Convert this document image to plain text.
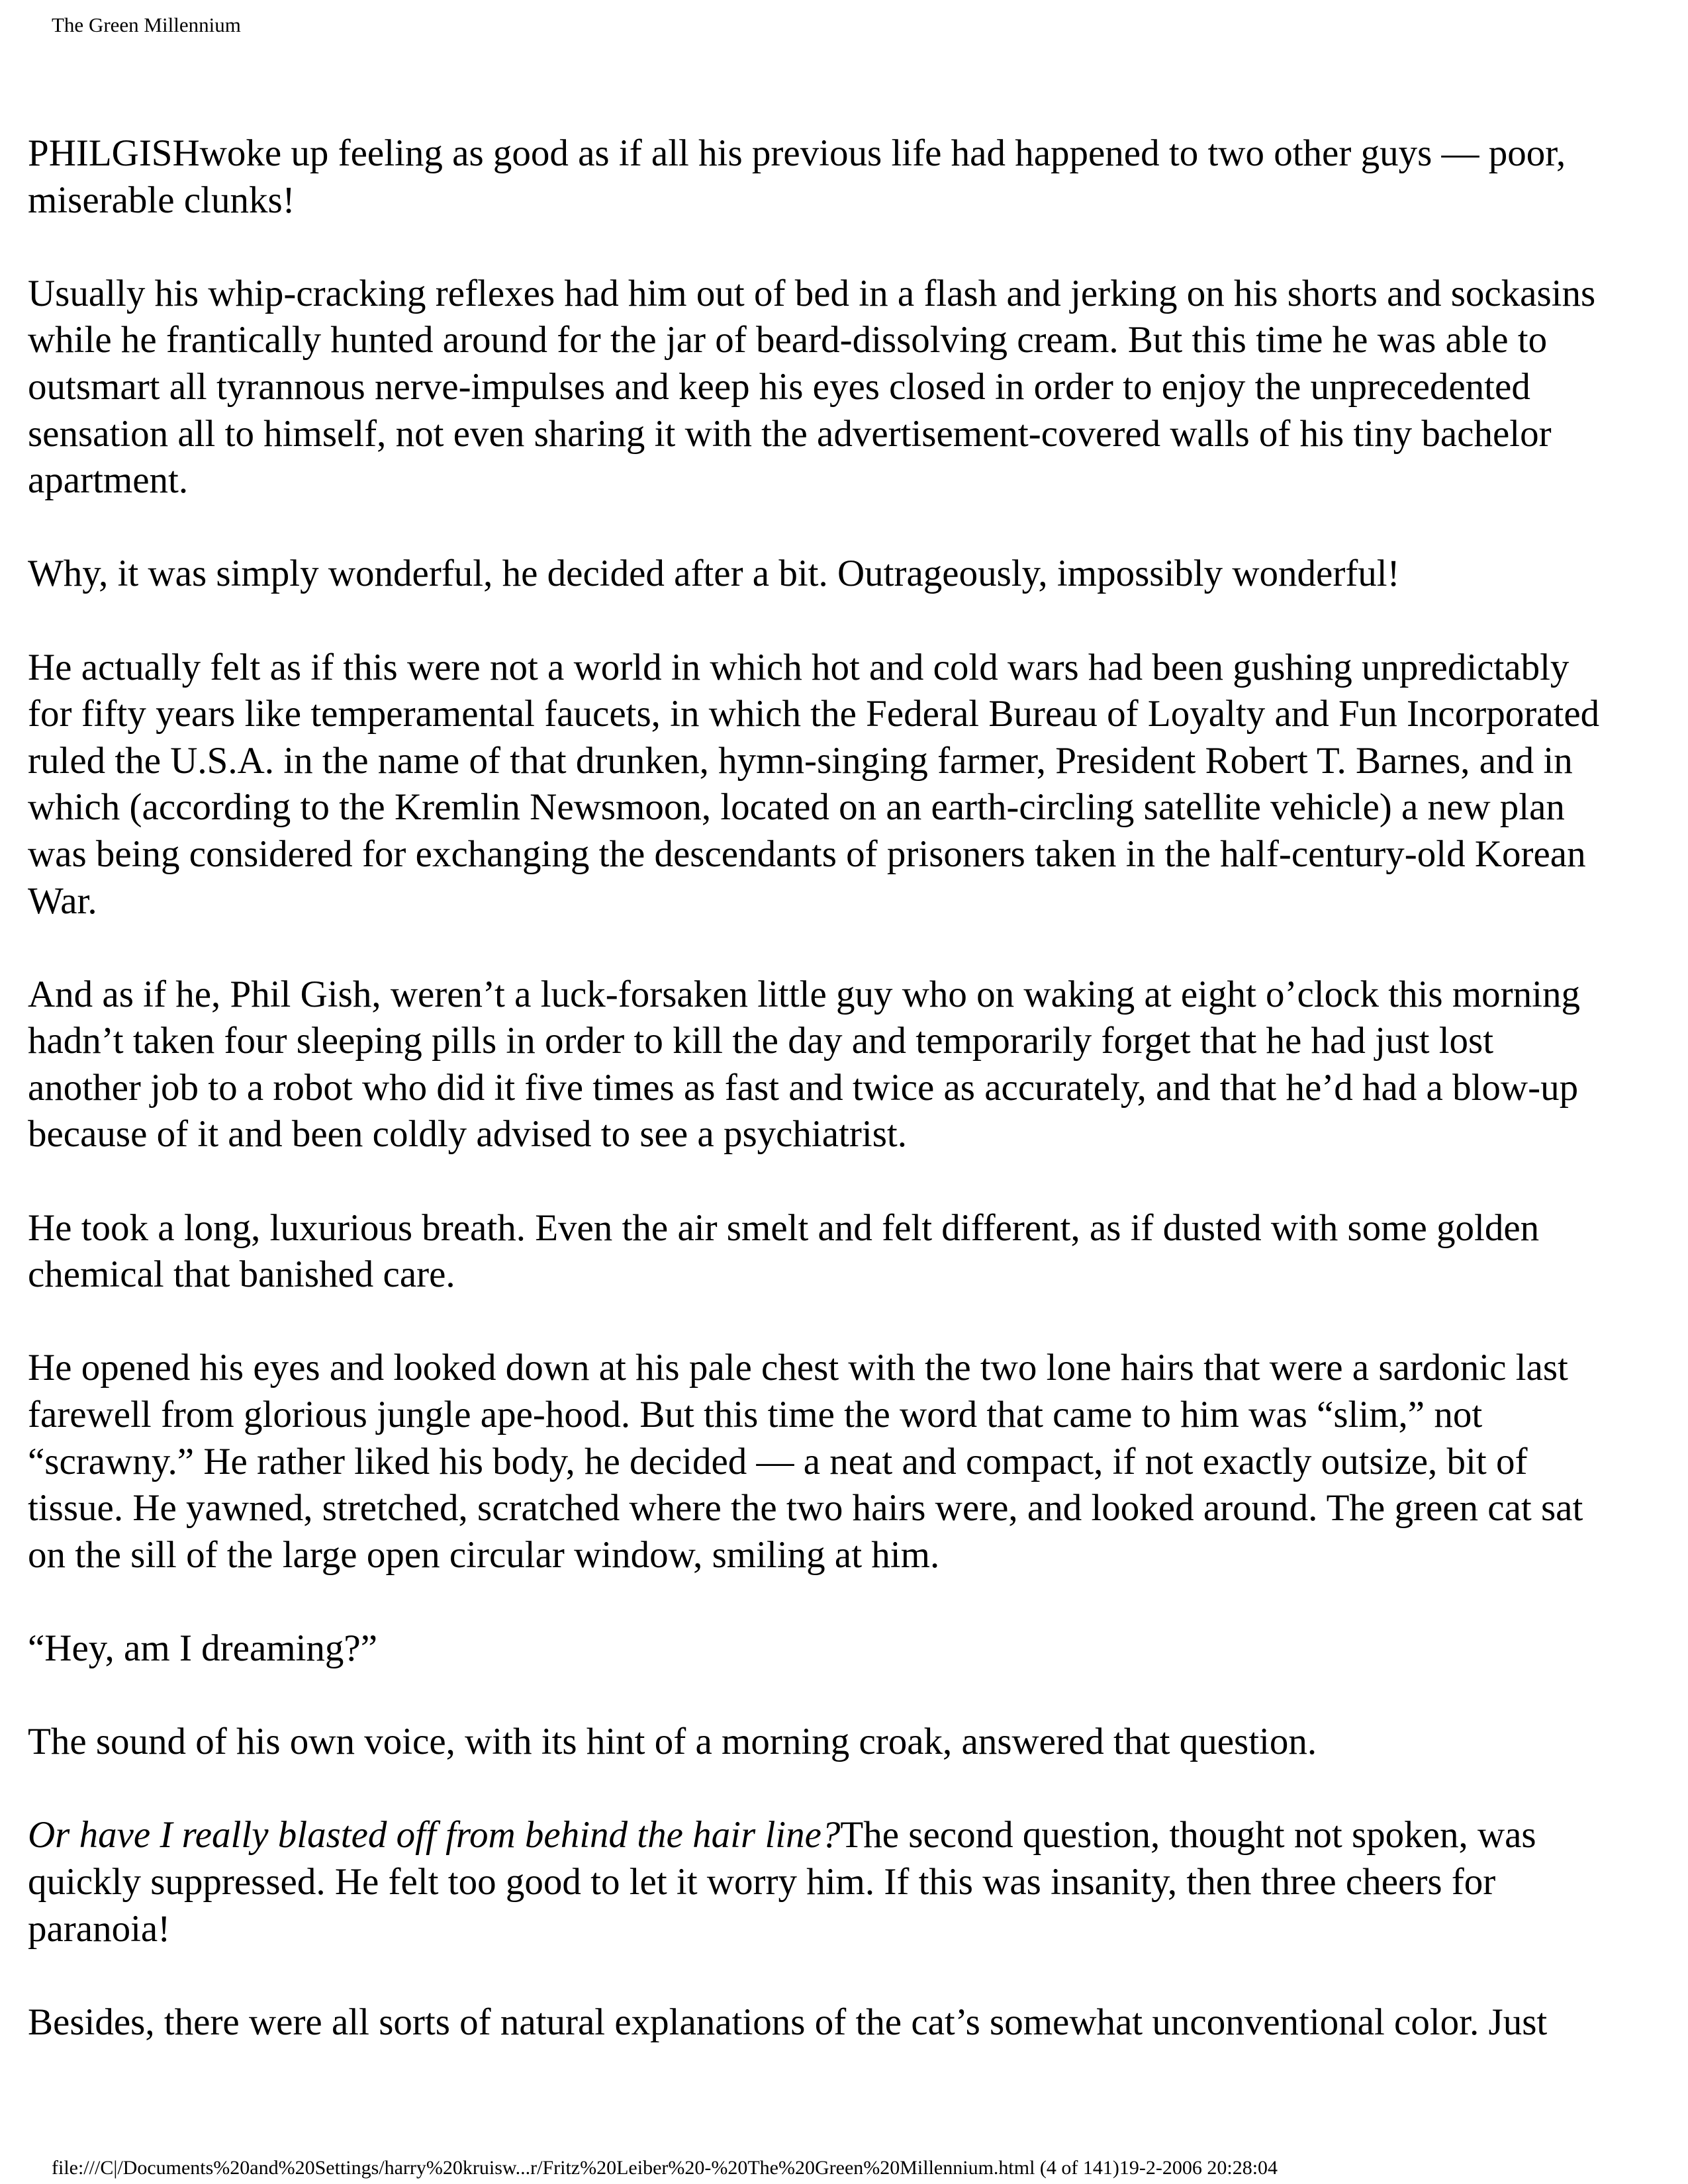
The Green Millennium

PHILGISHwoke up feeling as good as if all his previous life had happened to two other guys — poor,
miserable clunks!

Usually his whip-cracking reflexes had him out of bed in a flash and jerking on his shorts and sockasins
while he frantically hunted around for the jar of beard-dissolving cream. But this time he was able to
outsmart all tyrannous nerve-impulses and keep his eyes closed in order to enjoy the unprecedented
sensation all to himself, not even sharing it with the advertisement-covered walls of his tiny bachelor
apartment.

Why, it was simply wonderful, he decided after a bit. Outrageously, impossibly wonderful!

He actually felt as if this were not a world in which hot and cold wars had been gushing unpredictably
for fifty years like temperamental faucets, in which the Federal Bureau of Loyalty and Fun Incorporated
ruled the U.S.A. in the name of that drunken, hymn-singing farmer, President Robert T. Barnes, and in
which (according to the Kremlin Newsmoon, located on an earth-circling satellite vehicle) a new plan
was being considered for exchanging the descendants of prisoners taken in the half-century-old Korean
War.

And as if he, Phil Gish, weren’t a luck-forsaken little guy who on waking at eight o’clock this morning
hadn’t taken four sleeping pills in order to kill the day and temporarily forget that he had just lost
another job to a robot who did it five times as fast and twice as accurately, and that he’d had a blow-up
because of it and been coldly advised to see a psychiatrist.

He took a long, luxurious breath. Even the air smelt and felt different, as if dusted with some golden
chemical that banished care.

He opened his eyes and looked down at his pale chest with the two lone hairs that were a sardonic last
farewell from glorious jungle ape-hood. But this time the word that came to him was “slim,” not
“scrawny.” He rather liked his body, he decided — a neat and compact, if not exactly outsize, bit of
tissue. He yawned, stretched, scratched where the two hairs were, and looked around. The green cat sat
on the sill of the large open circular window, smiling at him.

“Hey, am I dreaming?”

The sound of his own voice, with its hint of a morning croak, answered that question.

Or have I really blasted off from behind the hair line?The second question, thought not spoken, was
quickly suppressed. He felt too good to let it worry him. If this was insanity, then three cheers for
paranoia!

Besides, there were all sorts of natural explanations of the cat’s somewhat unconventional color. Just

file:///C|/Documents%20and%20Settings/harry%20kruisw...r/Fritz%20Leiber%20-%20The%20Green%20Millennium.html (4 of 141)19-2-2006 20:28:04
